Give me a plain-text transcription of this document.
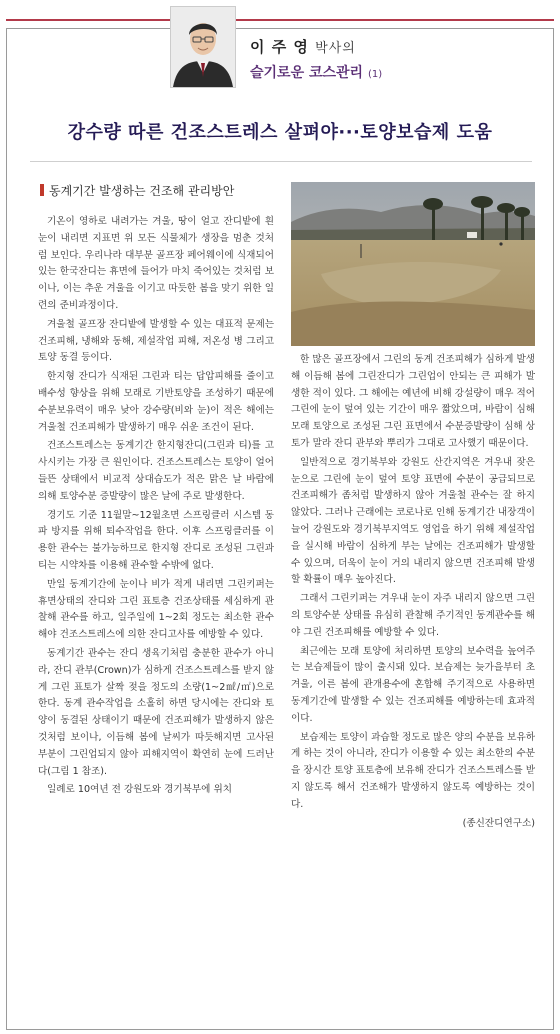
이 주 영 박사의
슬기로운 코스관리 (1)
강수량 따른 건조스트레스 살펴야···토양보습제 도움
동계기간 발생하는 건조해 관리방안

기온이 영하로 내려가는 겨울, 땅이 얼고 잔디밭에 흰눈이 내리면 지표면 위 모든 식물체가 생장을 멈춘 것처럼 보인다. 우리나라 대부분 골프장 페어웨이에 식재되어 있는 한국잔디는 휴면에 들어가 마치 죽어있는 것처럼 보이나, 이는 추운 겨울을 이기고 따듯한 봄을 맞기 위한 일련의 준비과정이다.

겨울철 골프장 잔디밭에 발생할 수 있는 대표적 문제는 건조피해, 냉해와 동해, 제설작업 피해, 저온성 병 그리고 토양 동결 등이다.

한지형 잔디가 식재된 그린과 티는 답압피해를 줄이고 배수성 향상을 위해 모래로 기반토양을 조성하기 때문에 수분보유력이 매우 낮아 강수량(비와 눈)이 적은 해에는 겨울철 건조피해가 발생하기 매우 쉬운 조건이 된다.

건조스트레스는 동계기간 한지형잔디(그린과 티)를 고사시키는 가장 큰 원인이다. 건조스트레스는 토양이 얼어 들뜬 상태에서 비교적 상대습도가 적은 맑은 날 바람에 의해 토양수분 증발량이 많은 날에 주로 발생한다.

경기도 기준 11월말~12월초면 스프링클러 시스템 동파 방지를 위해 퇴수작업을 한다. 이후 스프링클러를 이용한 관수는 불가능하므로 한지형 잔디로 조성된 그린과 티는 시약차를 이용해 관수할 수밖에 없다.

만일 동계기간에 눈이나 비가 적게 내리면 그린키퍼는 휴면상태의 잔디와 그린 표토층 건조상태를 세심하게 관찰해 관수를 하고, 일주일에 1~2회 정도는 최소한 관수해야 건조스트레스에 의한 잔디고사를 예방할 수 있다.

동계기간 관수는 잔디 생육기처럼 충분한 관수가 아니라, 잔디 관부(Crown)가 심하게 건조스트레스를 받지 않게 그린 표토가 살짝 젖을 정도의 소량(1~2㎖/㎡)으로 한다. 동계 관수작업을 소홀히 하면 당시에는 잔디와 토양이 동결된 상태이기 때문에 건조피해가 발생하지 않은 것처럼 보이나, 이듬해 봄에 날씨가 따듯해지면 고사된 부분이 그린업되지 않아 피해지역이 확연히 눈에 드러난다(그림 1 참조).

일례로 10여년 전 강원도와 경기북부에 위치

한 많은 골프장에서 그린의 동계 건조피해가 심하게 발생해 이듬해 봄에 그린잔디가 그린업이 안되는 큰 피해가 발생한 적이 있다. 그 해에는 예년에 비해 강설량이 매우 적어 그린에 눈이 덮여 있는 기간이 매우 짧았으며, 바람이 심해 모래 토양으로 조성된 그린 표면에서 수분증발량이 심해 상토가 말라 잔디 관부와 뿌리가 그대로 고사했기 때문이다.

일반적으로 경기북부와 강원도 산간지역은 겨우내 잦은 눈으로 그린에 눈이 덮여 토양 표면에 수분이 공급되므로 건조피해가 좀처럼 발생하지 않아 겨울철 관수는 잘 하지 않았다. 그러나 근래에는 코로나로 인해 동계기간 내장객이 늘어 강원도와 경기북부지역도 영업을 하기 위해 제설작업을 실시해 바람이 심하게 부는 날에는 건조피해가 발생할 수 있으며, 더욱이 눈이 거의 내리지 않으면 건조피해 발생할 확률이 매우 높아진다.

그래서 그린키퍼는 겨우내 눈이 자주 내리지 않으면 그린의 토양수분 상태를 유심히 관찰해 주기적인 동계관수를 해야 그린 건조피해를 예방할 수 있다.

최근에는 모래 토양에 처리하면 토양의 보수력을 높여주는 보습제들이 많이 출시돼 있다. 보습제는 늦가을부터 초겨울, 이른 봄에 관개용수에 혼합해 주기적으로 사용하면 동계기간에 발생할 수 있는 건조피해를 예방하는데 효과적이다.

보습제는 토양이 과습할 정도로 많은 양의 수분을 보유하게 하는 것이 아니라, 잔디가 이용할 수 있는 최소한의 수분을 장시간 토양 표토층에 보유해 잔디가 건조스트레스를 받지 않도록 해서 건조해가 발생하지 않도록 예방하는 것이다.

(종신잔디연구소)
